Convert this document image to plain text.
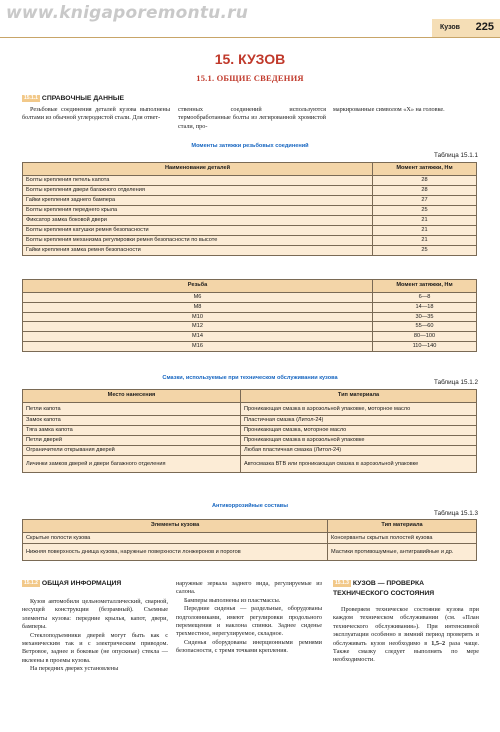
www.knigaporemontu.ru
Кузов 225
15. КУЗОВ
15.1. ОБЩИЕ СВЕДЕНИЯ
15.1.1 СПРАВОЧНЫЕ ДАННЫЕ
Резьбовые соединения деталей кузова выполнены болтами из обычной углеродистой стали. Для ответ-
ственных соединений используются термообработанные болты из легированной хромистой стали, про-
маркированные символом «X» на головке.
Моменты затяжки резьбовых соединений
Таблица 15.1.1
Наименование деталей	Момент затяжки, Нм
Болты крепления петель капота	28
Болты крепления двери багажного отделения	28
Гайки крепления заднего бампера	27
Болты крепления переднего крыла	25
Фиксатор замка боковой двери	21
Болты крепления катушки ремня безопасности	21
Болты крепления механизма регулировки ремня безопасности по высоте	21
Гайки крепления замка ремня безопасности	25
Резьба	Момент затяжки, Нм
M6	6—8
M8	14—18
M10	30—35
M12	55—60
M14	80—100
M16	110—140
Смазки, используемые при техническом обслуживании кузова
Таблица 15.1.2
Место нанесения	Тип материала
Петли капота	Проникающая смазка в аэрозольной упаковке, моторное масло
Замок капота	Пластичная смазка (Литол-24)
Тяга замка капота	Проникающая смазка, моторное масло
Петли дверей	Проникающая смазка в аэрозольной упаковке
Ограничители открывания дверей	Любая пластичная смазка (Литол-24)
Личинки замков дверей и двери багажного отделения	Автосмазка ВТВ или проникающая смазка в аэрозольной упаковке
Антикоррозийные составы
Таблица 15.1.3
Элементы кузова	Тип материала
Скрытые полости кузова	Консерванты скрытых полостей кузова
Нижняя поверхность днища кузова, наружные поверхности лонжеронов и порогов	Мастики противошумные, антигравийные и др.
15.1.2 ОБЩАЯ ИНФОРМАЦИЯ

Кузов автомобиля цельнометаллический, сварной, несущей конструкции (безрамный). Съемные элементы кузова: передние крылья, капот, двери, бамперы.

Стеклоподъемники дверей могут быть как с механическим так и с электрическим приводом. Ветровое, заднее и боковые (не опускные) стекла — вклеены в проемы кузова.

На передних дверях установлены

наружные зеркала заднего вида, регулируемые из салона.

Бамперы выполнены из пластмассы.

Передние сиденья — раздельные, оборудованы подголовниками, имеют регулировки продольного перемещения и наклона спинки. Заднее сиденье трехместное, нерегулируемое, складное.

Сиденья оборудованы инерционными ремнями безопасности, с тремя точками крепления.

15.1.3 КУЗОВ — ПРОВЕРКА
ТЕХНИЧЕСКОГО СОСТОЯНИЯ
Проверяем техническое состояние кузова при каждом техническом обслуживании (см. «План технического обслуживания»). При интенсивной эксплуатации особенно в зимний период проверять и обслуживать кузов необходимо в 1,5–2 раза чаще. Также смазку следует выполнять по мере необходимости.
